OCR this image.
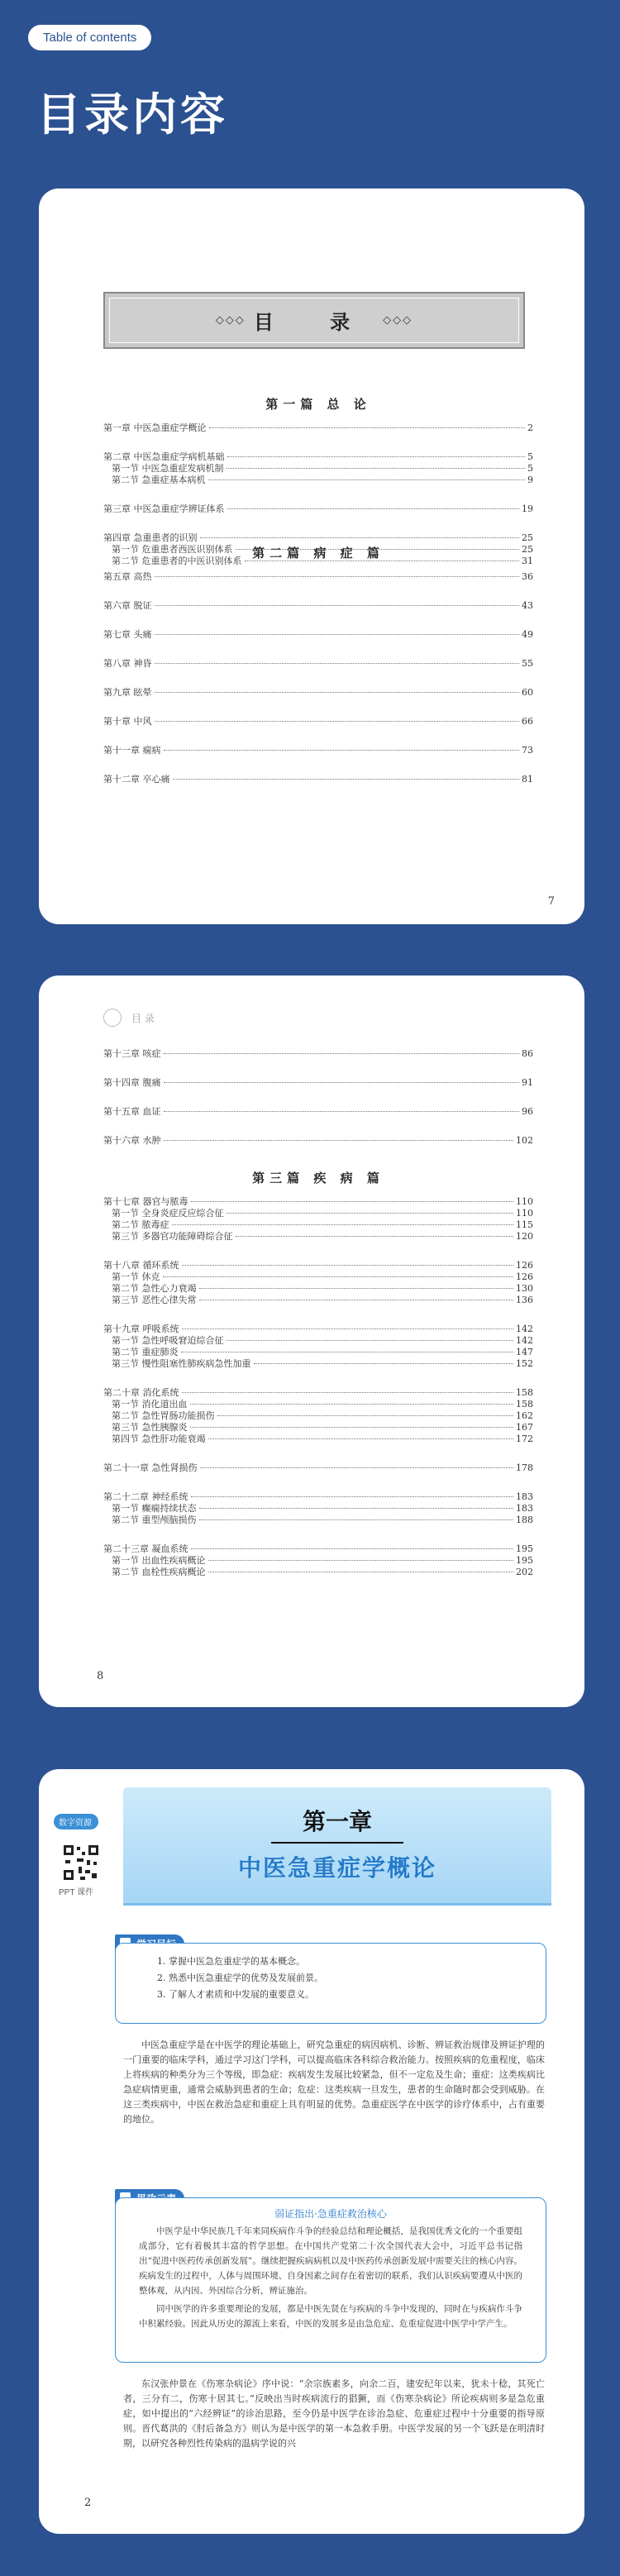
Table of contents
目录内容
◇◇◇ 目 录 ◇◇◇
第一篇 总 论
第一章 中医急重症学概论	2
第二章 中医急重症学病机基础	5
第一节 中医急重症发病机制	5
第二节 急重症基本病机	9
第三章 中医急重症学辨证体系	19
第四章 急重患者的识别	25
第一节 危重患者西医识别体系	25
第二节 危重患者的中医识别体系	31
第二篇 病 症 篇
第五章 高热	36
第六章 脱证	43
第七章 头痛	49
第八章 神昏	55
第九章 眩晕	60
第十章 中风	66
第十一章 痫病	73
第十二章 卒心痛	81
7
目 录
第十三章 咳症	86
第十四章 腹痛	91
第十五章 血证	96
第十六章 水肿	102
第三篇 疾 病 篇
第十七章 器官与脓毒	110
第一节 全身炎症反应综合征	110
第二节 脓毒症	115
第三节 多器官功能障碍综合征	120
第十八章 循环系统	126
第一节 休克	126
第二节 急性心力衰竭	130
第三节 恶性心律失常	136
第十九章 呼吸系统	142
第一节 急性呼吸窘迫综合征	142
第二节 重症肺炎	147
第三节 慢性阻塞性肺疾病急性加重	152
第二十章 消化系统	158
第一节 消化道出血	158
第二节 急性胃肠功能损伤	162
第三节 急性胰腺炎	167
第四节 急性肝功能衰竭	172
第二十一章 急性肾损伤	178
第二十二章 神经系统	183
第一节 癫痫持续状态	183
第二节 重型颅脑损伤	188
第二十三章 凝血系统	195
第一节 出血性疾病概论	195
第二节 血栓性疾病概论	202
8
数字资源
PPT 课件
第一章
中医急重症学概论
1. 掌握中医急危重症学的基本概念。
2. 熟悉中医急重症学的优势及发展前景。
3. 了解人才素质和中发展的重要意义。
中医急重症学是在中医学的理论基础上，研究急重症的病因病机、诊断、辨证救治规律及辨证护理的一门重要的临床学科，通过学习这门学科，可以提高临床各科综合救治能力。按照疾病的危重程度，临床上将疾病的种类分为三个等级，即急症：疾病发生发展比较紧急，但不一定危及生命；重症：这类疾病比急症病情更重，通常会威胁到患者的生命；危症：这类疾病一旦发生，患者的生命随时都会受到威胁。在这三类疾病中，中医在救治急症和重症上具有明显的优势。急重症医学在中医学的诊疗体系中，占有重要的地位。
弱证指出·急重症救治核心
中医学是中华民族几千年来同疾病作斗争的经验总结和理论概括，是我国优秀文化的一个重要组成部分，它有着极其丰富的哲学思想。在中国共产党第二十次全国代表大会中，习近平总书记指出“促进中医药传承创新发展”。继续把握疾病病机以及中医药传承创新发展中需要关注的核心内容。疾病发生的过程中，人体与周围环境、自身因素之间存在着密切的联系，我们认识疾病要遵从中医的整体观，从内因、外因综合分析，辨证施治。
同中医学的许多重要理论的发展，都是中医先贤在与疾病的斗争中发现的，同时在与疾病作斗争中积累经验。因此从历史的源流上来看，中医的发展多是由急危症、危重症促进中医学中学产生。
东汉张仲景在《伤寒杂病论》序中说：“余宗族素多，向余二百，建安纪年以来，犹未十稔，其死亡者，三分有二，伤寒十居其七。”反映出当时疾病流行的猖獗，而《伤寒杂病论》所论疾病则多是急危重症，如中提出的“六经辨证”的诊治思路，至今仍是中医学在诊治急症、危重症过程中十分重要的指导原则。晋代葛洪的《肘后备急方》则认为是中医学的第一本急救手册。中医学发展的另一个飞跃是在明清时期，以研究各种烈性传染病的温病学说的兴
2
